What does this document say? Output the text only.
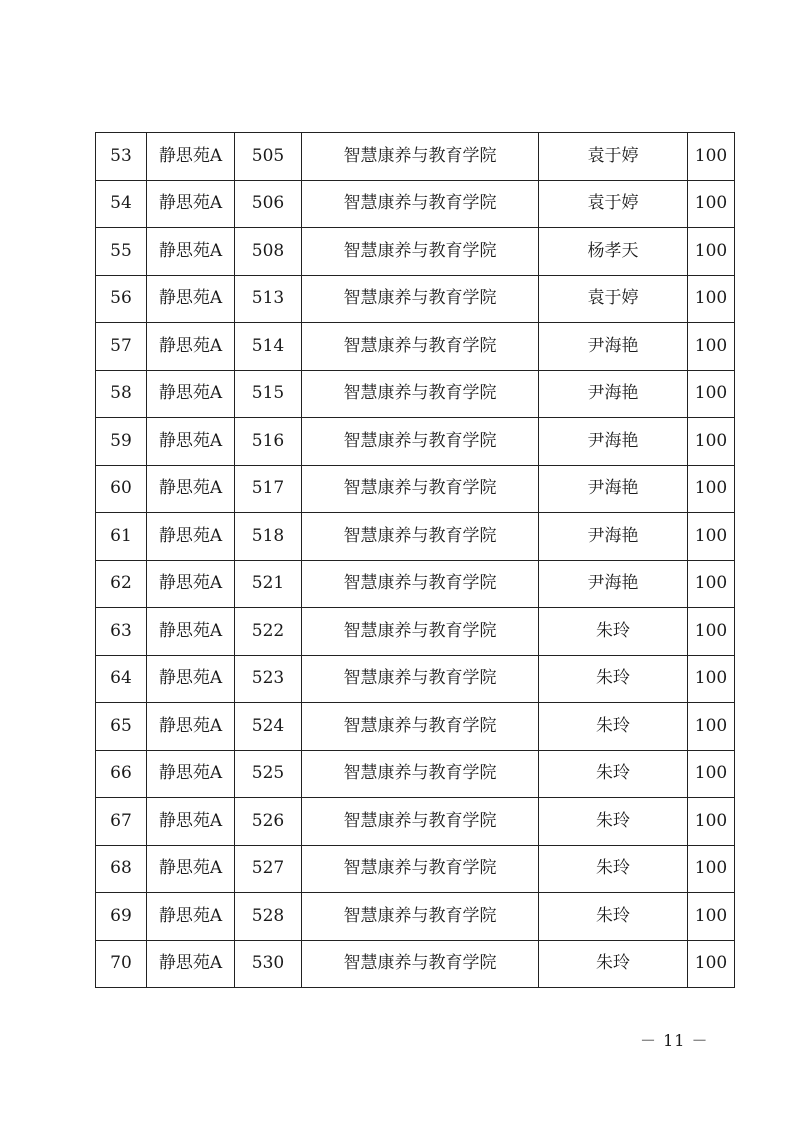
53	静思苑A	505	智慧康养与教育学院	袁于婷	100
54	静思苑A	506	智慧康养与教育学院	袁于婷	100
55	静思苑A	508	智慧康养与教育学院	杨孝天	100
56	静思苑A	513	智慧康养与教育学院	袁于婷	100
57	静思苑A	514	智慧康养与教育学院	尹海艳	100
58	静思苑A	515	智慧康养与教育学院	尹海艳	100
59	静思苑A	516	智慧康养与教育学院	尹海艳	100
60	静思苑A	517	智慧康养与教育学院	尹海艳	100
61	静思苑A	518	智慧康养与教育学院	尹海艳	100
62	静思苑A	521	智慧康养与教育学院	尹海艳	100
63	静思苑A	522	智慧康养与教育学院	朱玲	100
64	静思苑A	523	智慧康养与教育学院	朱玲	100
65	静思苑A	524	智慧康养与教育学院	朱玲	100
66	静思苑A	525	智慧康养与教育学院	朱玲	100
67	静思苑A	526	智慧康养与教育学院	朱玲	100
68	静思苑A	527	智慧康养与教育学院	朱玲	100
69	静思苑A	528	智慧康养与教育学院	朱玲	100
70	静思苑A	530	智慧康养与教育学院	朱玲	100
－ 11 －
